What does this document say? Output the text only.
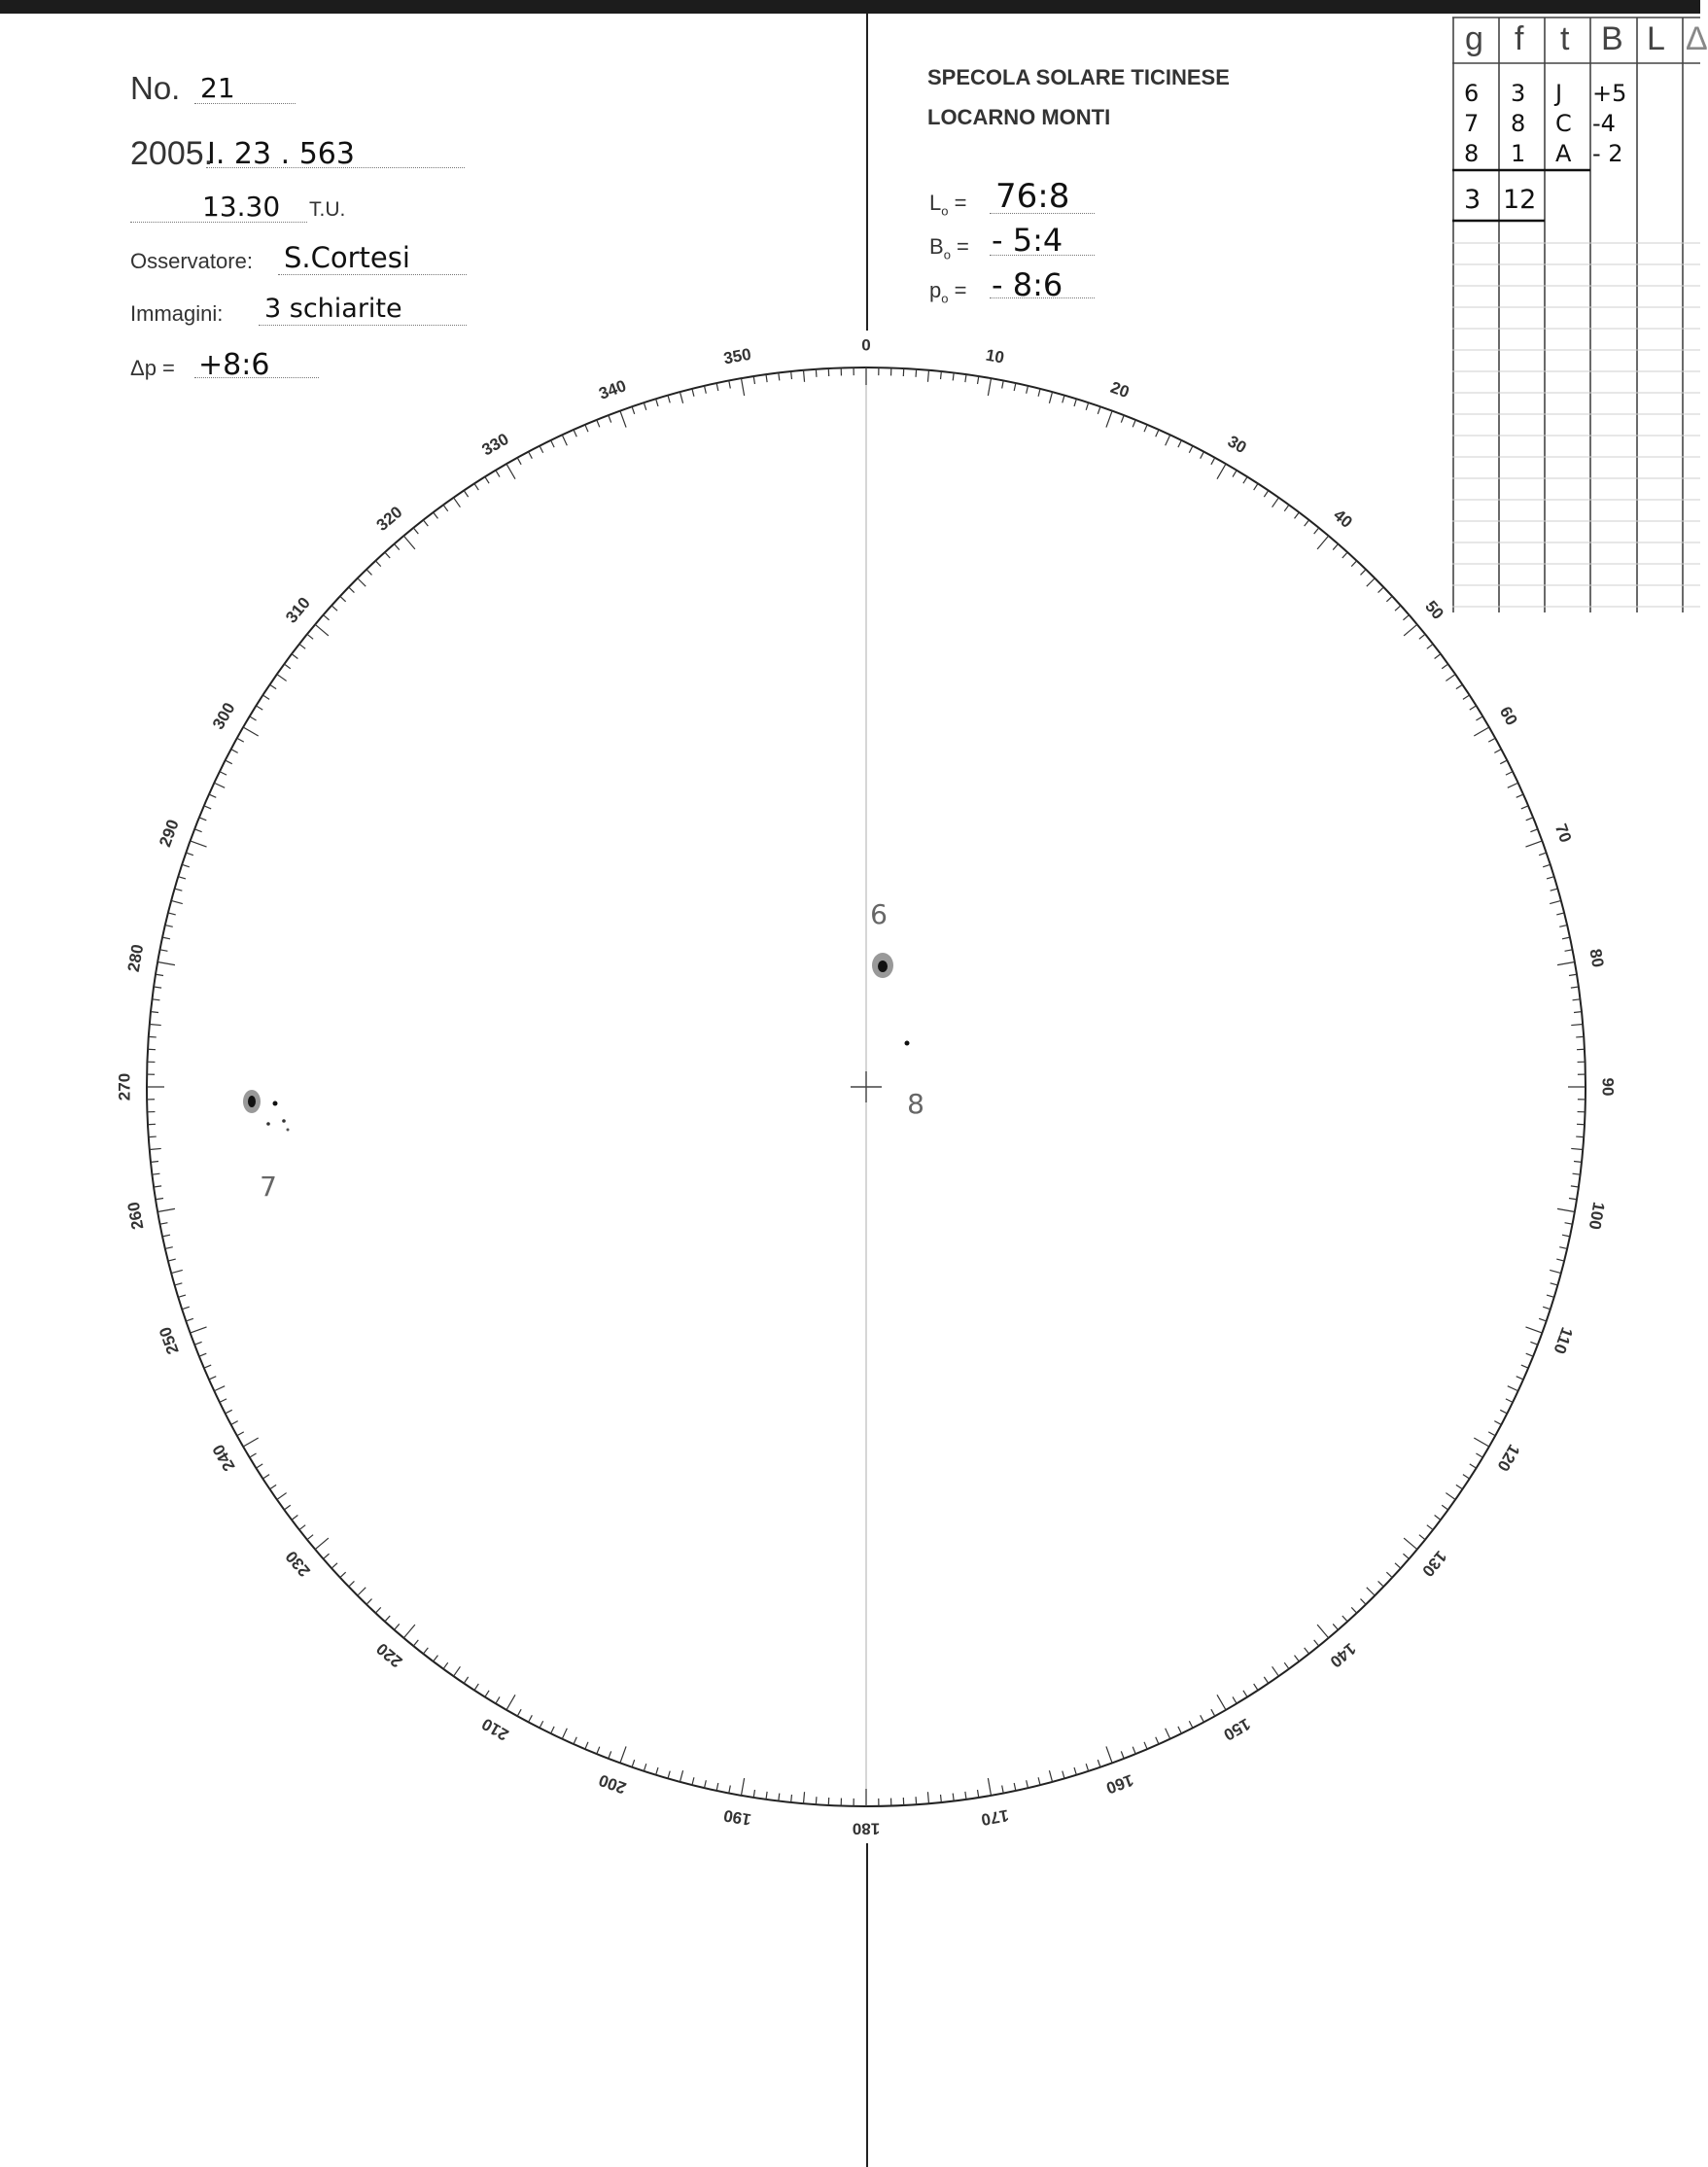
No. 21
2005.
I. 23 . 563
13.30 T.U.
Osservatore: S.Cortesi
Immagini: 3 schiarite
Δp = +8:6
SPECOLA SOLARE TICINESE
LOCARNO MONTI
$L_o$ = 76:8
$B_o$ = - 5:4
$p_o$ = - 8:6
g f t B L Δ
6 3 J +5
7 8 C -4
8 1 A - 2
3 12
0
10
20
30
40
50
60
70
80
90
100
110
120
130
140
150
160
170
180
190
200
210
220
230
240
250
260
270
280
290
300
310
320
330
340
350
6
7
8
